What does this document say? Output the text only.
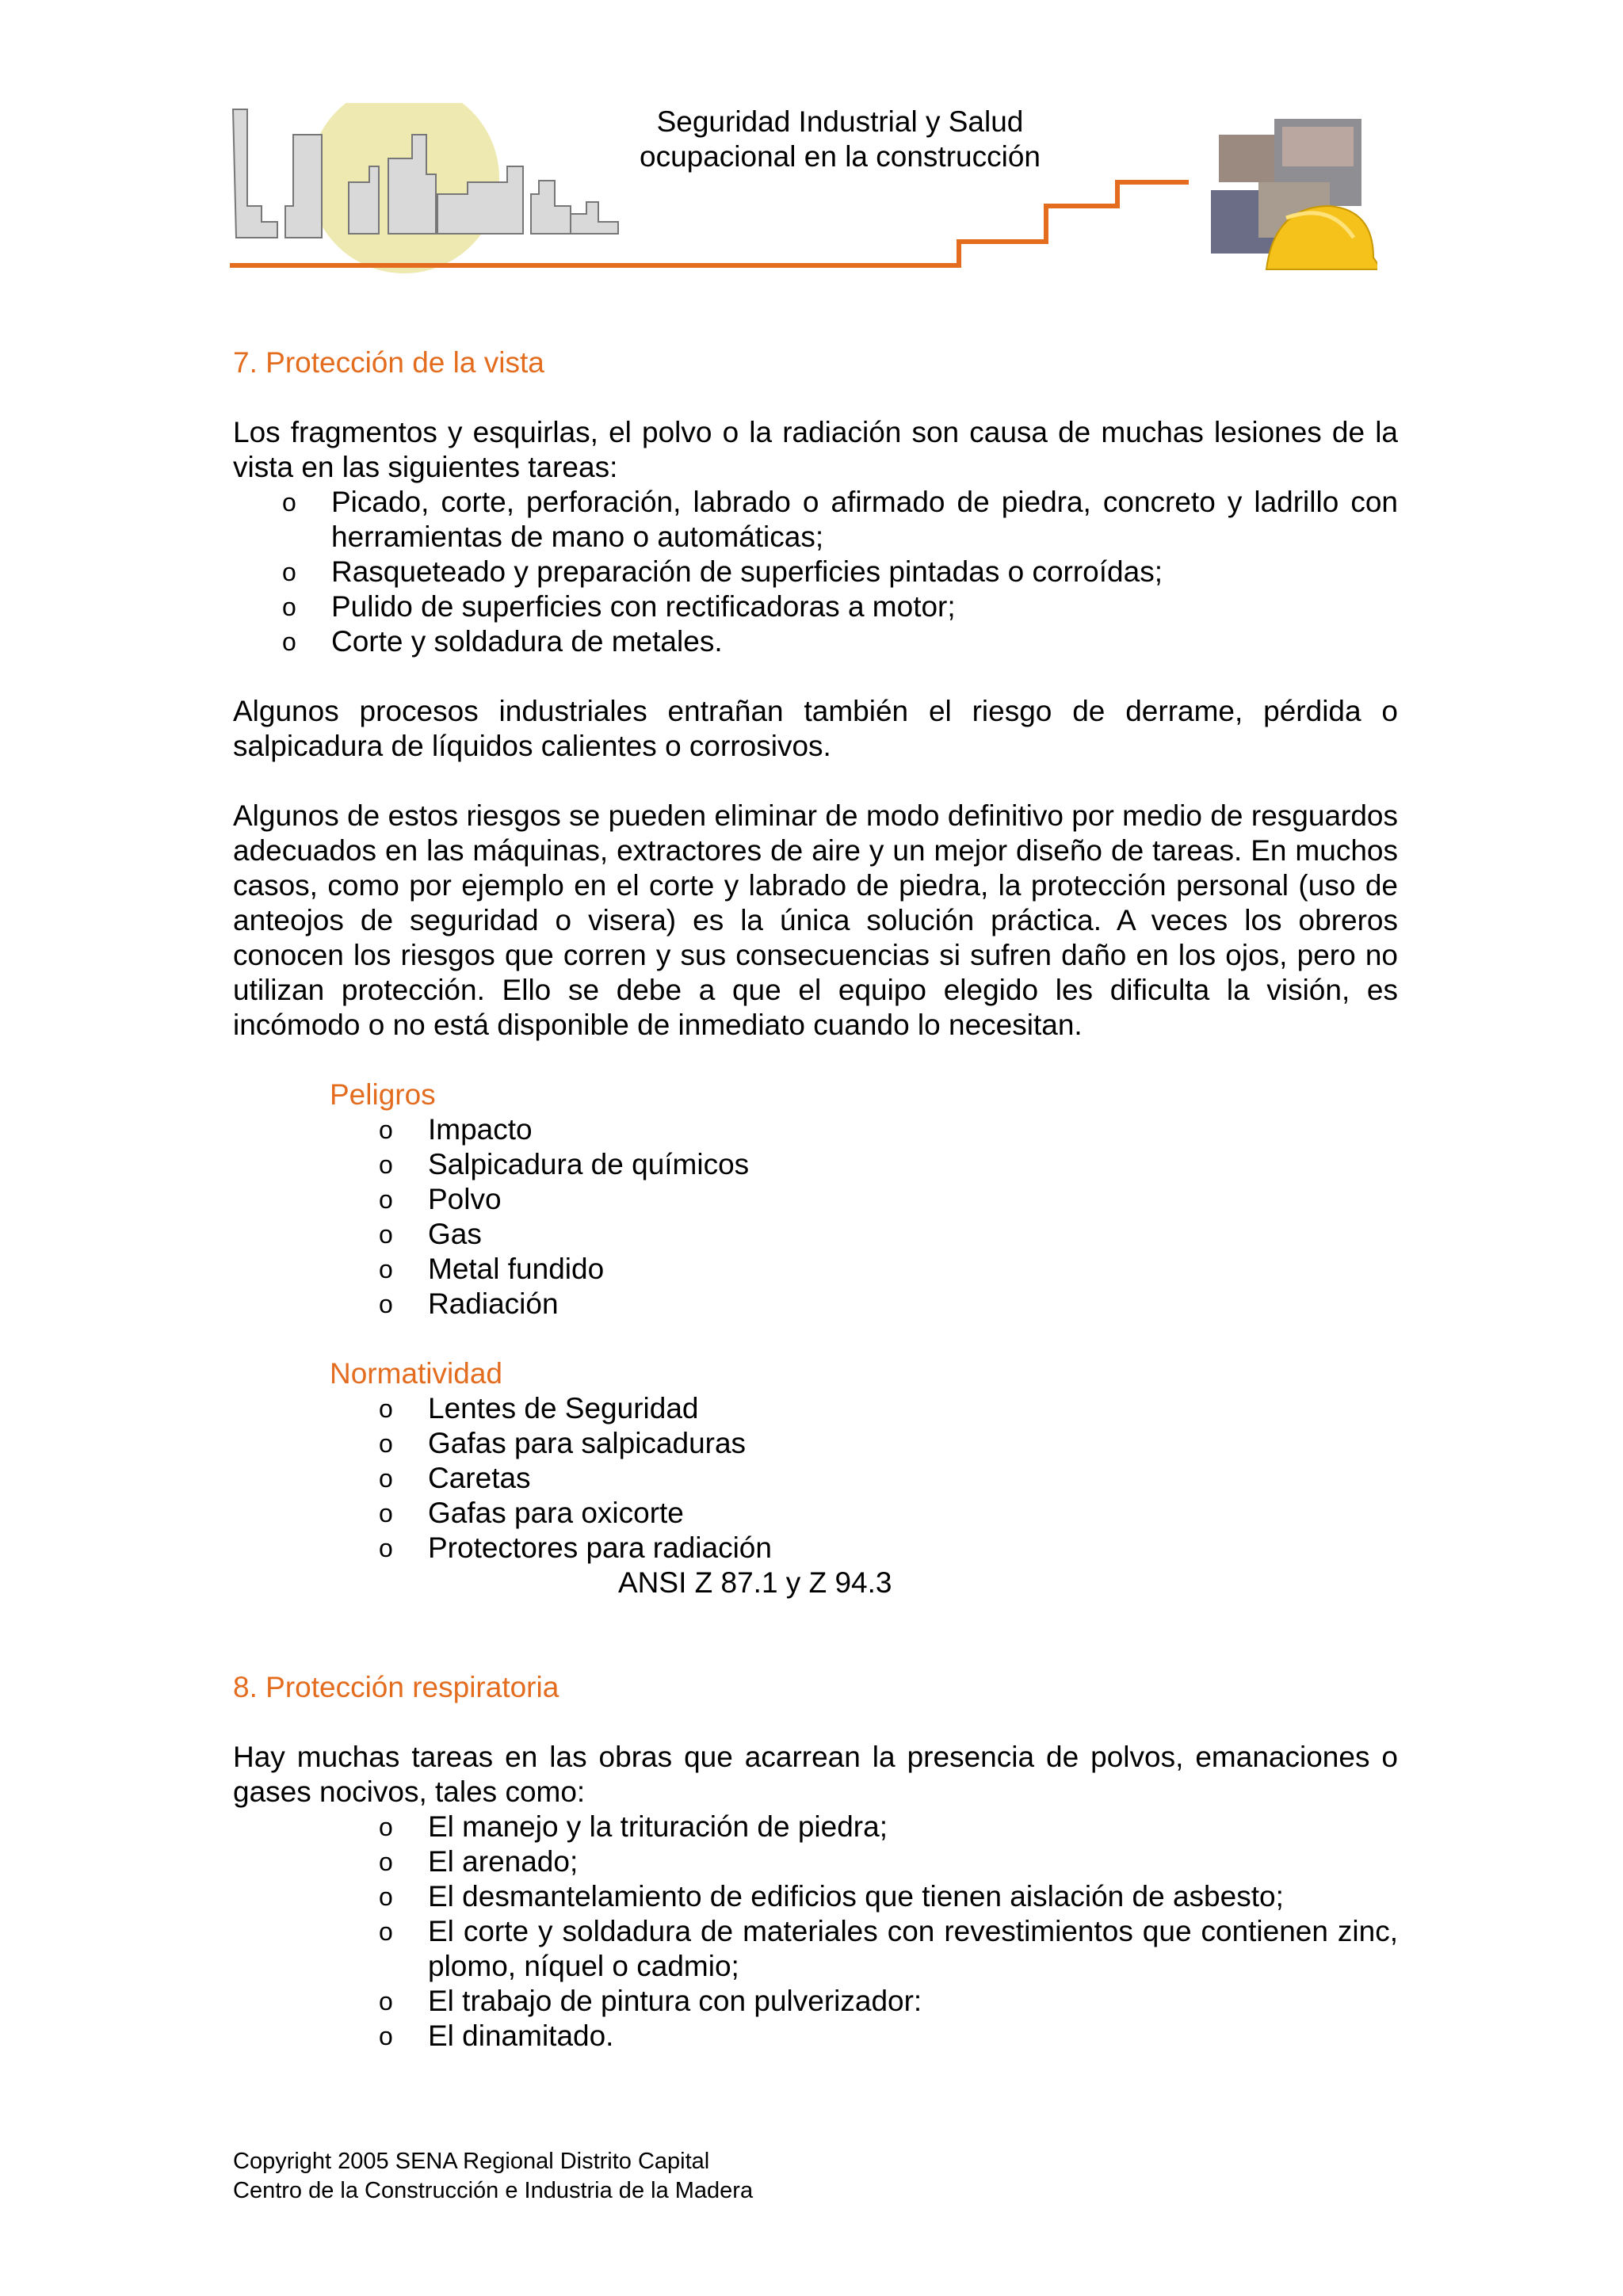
Seguridad Industrial y Salud
ocupacional en la construcción
7. Protección de la vista

Los fragmentos y esquirlas, el polvo o la radiación son causa de muchas lesiones de la vista en las siguientes tareas:

o Picado, corte, perforación, labrado o afirmado de piedra, concreto y ladrillo con herramientas de mano o automáticas;
o Rasqueteado y preparación de superficies pintadas o corroídas;
o Pulido de superficies con rectificadoras a motor;
o Corte y soldadura de metales.

Algunos procesos industriales entrañan también el riesgo de derrame, pérdida o salpicadura de líquidos calientes o corrosivos.

Algunos de estos riesgos se pueden eliminar de modo definitivo por medio de resguardos adecuados en las máquinas, extractores de aire y un mejor diseño de tareas. En muchos casos, como por ejemplo en el corte y labrado de piedra, la protección personal (uso de anteojos de seguridad o visera) es la única solución práctica. A veces los obreros conocen los riesgos que corren y sus consecuencias si sufren daño en los ojos, pero no utilizan protección. Ello se debe a que el equipo elegido les dificulta la visión, es incómodo o no está disponible de inmediato cuando lo necesitan.

Peligros
o Impacto
o Salpicadura de químicos
o Polvo
o Gas
o Metal fundido
o Radiación
Normatividad
o Lentes de Seguridad
o Gafas para salpicaduras
o Caretas
o Gafas para oxicorte
o Protectores para radiación
ANSI Z 87.1 y Z 94.3
8. Protección respiratoria

Hay muchas tareas en las obras que acarrean la presencia de polvos, emanaciones o gases nocivos, tales como:

o El manejo y la trituración de piedra;
o El arenado;
o El desmantelamiento de edificios que tienen aislación de asbesto;
o El corte y soldadura de materiales con revestimientos que contienen zinc, plomo, níquel o cadmio;
o El trabajo de pintura con pulverizador:
o El dinamitado.
Copyright 2005 SENA Regional Distrito Capital
Centro de la Construcción e Industria de la Madera
